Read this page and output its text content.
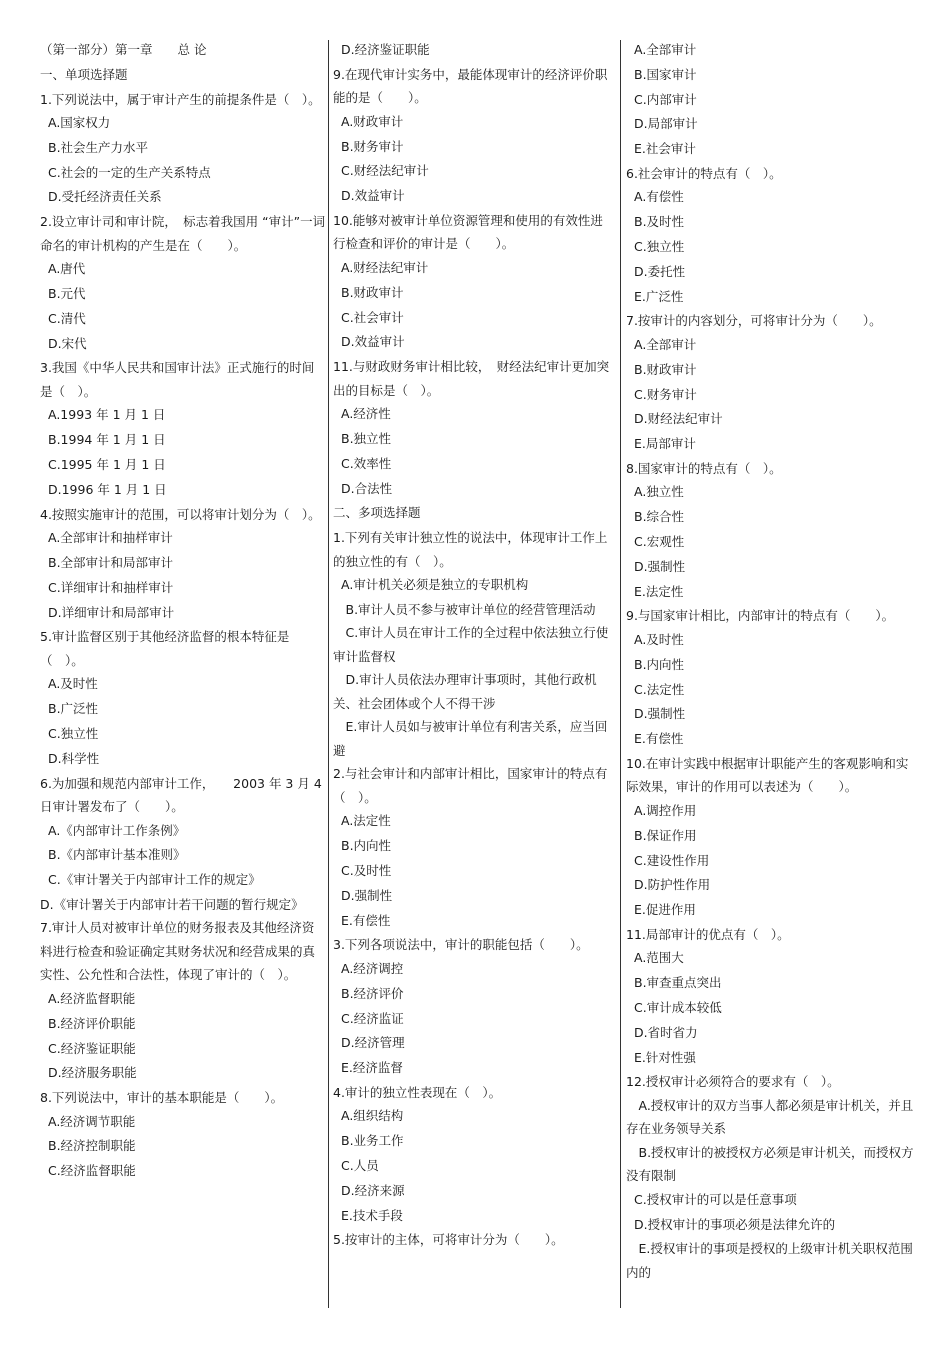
（第一部分）第一章　　总 论
一、单项选择题
1.下列说法中，属于审计产生的前提条件是（　）。
A.国家权力
B.社会生产力水平
C.社会的一定的生产关系特点
D.受托经济责任关系
2.设立审计司和审计院，　标志着我国用 “审计”一词命名的审计机构的产生是在（　　）。
A.唐代
B.元代
C.清代
D.宋代
3.我国《中华人民共和国审计法》正式施行的时间是（　）。
A.1993 年 1 月 1 日
B.1994 年 1 月 1 日
C.1995 年 1 月 1 日
D.1996 年 1 月 1 日
4.按照实施审计的范围，可以将审计划分为（　）。
A.全部审计和抽样审计
B.全部审计和局部审计
C.详细审计和抽样审计
D.详细审计和局部审计
5.审计监督区别于其他经济监督的根本特征是（　）。
A.及时性
B.广泛性
C.独立性
D.科学性
6.为加强和规范内部审计工作，　　2003 年 3 月 4 日审计署发布了（　　）。
A.《内部审计工作条例》
B.《内部审计基本准则》
C.《审计署关于内部审计工作的规定》
D.《审计署关于内部审计若干问题的暂行规定》
7.审计人员对被审计单位的财务报表及其他经济资料进行检查和验证确定其财务状况和经营成果的真实性、公允性和合法性，体现了审计的（　）。
A.经济监督职能
B.经济评价职能
C.经济鉴证职能
D.经济服务职能
8.下列说法中，审计的基本职能是（　　）。
A.经济调节职能
B.经济控制职能
C.经济监督职能
D.经济鉴证职能
9.在现代审计实务中，最能体现审计的经济评价职能的是（　　）。
A.财政审计
B.财务审计
C.财经法纪审计
D.效益审计
10.能够对被审计单位资源管理和使用的有效性进行检查和评价的审计是（　　）。
A.财经法纪审计
B.财政审计
C.社会审计
D.效益审计
11.与财政财务审计相比较，　财经法纪审计更加突出的目标是（　）。
A.经济性
B.独立性
C.效率性
D.合法性
二、多项选择题
1.下列有关审计独立性的说法中，体现审计工作上的独立性的有（　）。
A.审计机关必须是独立的专职机构
　B.审计人员不参与被审计单位的经营管理活动
　C.审计人员在审计工作的全过程中依法独立行使审计监督权
　D.审计人员依法办理审计事项时，其他行政机关、社会团体或个人不得干涉
　E.审计人员如与被审计单位有利害关系，应当回避
2.与社会审计和内部审计相比，国家审计的特点有（　）。
A.法定性
B.内向性
C.及时性
D.强制性
E.有偿性
3.下列各项说法中，审计的职能包括（　　）。
A.经济调控
B.经济评价
C.经济监证
D.经济管理
E.经济监督
4.审计的独立性表现在（　）。
A.组织结构
B.业务工作
C.人员
D.经济来源
E.技术手段
5.按审计的主体，可将审计分为（　　）。
A.全部审计
B.国家审计
C.内部审计
D.局部审计
E.社会审计
6.社会审计的特点有（　）。
A.有偿性
B.及时性
C.独立性
D.委托性
E.广泛性
7.按审计的内容划分，可将审计分为（　　）。
A.全部审计
B.财政审计
C.财务审计
D.财经法纪审计
E.局部审计
8.国家审计的特点有（　）。
A.独立性
B.综合性
C.宏观性
D.强制性
E.法定性
9.与国家审计相比，内部审计的特点有（　　）。
A.及时性
B.内向性
C.法定性
D.强制性
E.有偿性
10.在审计实践中根据审计职能产生的客观影响和实际效果，审计的作用可以表述为（　　）。
A.调控作用
B.保证作用
C.建设性作用
D.防护性作用
E.促进作用
11.局部审计的优点有（　）。
A.范围大
B.审查重点突出
C.审计成本较低
D.省时省力
E.针对性强
12.授权审计必须符合的要求有（　）。
　A.授权审计的双方当事人都必须是审计机关，并且存在业务领导关系
　B.授权审计的被授权方必须是审计机关，而授权方没有限制
C.授权审计的可以是任意事项
D.授权审计的事项必须是法律允许的
　E.授权审计的事项是授权的上级审计机关职权范围内的
